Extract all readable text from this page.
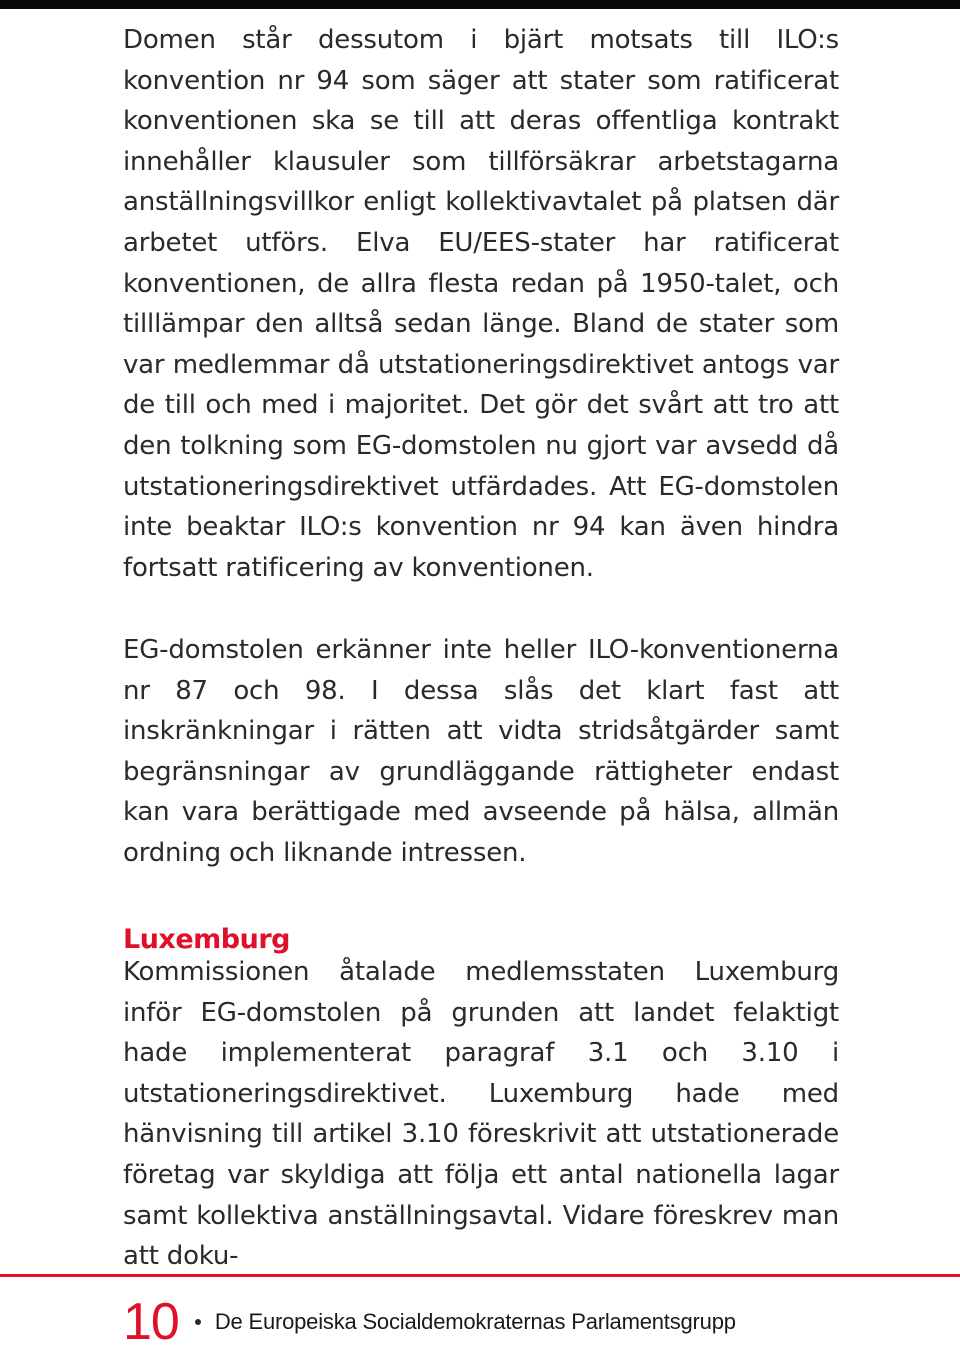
Domen står dessutom i bjärt motsats till ILO:s konvention nr 94 som säger att stater som ratificerat konventionen ska se till att deras offentliga kontrakt innehåller klausuler som tillförsäkrar arbetstagarna anställningsvillkor enligt kollektivavtalet på platsen där arbetet utförs. Elva EU/EES-stater har ratificerat konventionen, de allra flesta redan på 1950-talet, och tilllämpar den alltså sedan länge. Bland de stater som var medlemmar då utstationeringsdirektivet antogs var de till och med i majoritet. Det gör det svårt att tro att den tolkning som EG-domstolen nu gjort var avsedd då utstationeringsdirektivet utfärdades. Att EG-domstolen inte beaktar ILO:s konvention nr 94 kan även hindra fortsatt ratificering av konventionen.

EG-domstolen erkänner inte heller ILO-konventionerna nr 87 och 98. I dessa slås det klart fast att inskränkningar i rätten att vidta stridsåtgärder samt begränsningar av grundläggande rättigheter endast kan vara berättigade med avseende på hälsa, allmän ordning och liknande intressen.

Luxemburg

Kommissionen åtalade medlemsstaten Luxemburg inför EG-domstolen på grunden att landet felaktigt hade implementerat paragraf 3.1 och 3.10 i utstationeringsdirektivet. Luxemburg hade med hänvisning till artikel 3.10 föreskrivit att utstationerade företag var skyldiga att följa ett antal nationella lagar samt kollektiva anställningsavtal. Vidare föreskrev man att doku-

10 De Europeiska Socialdemokraternas Parlamentsgrupp
